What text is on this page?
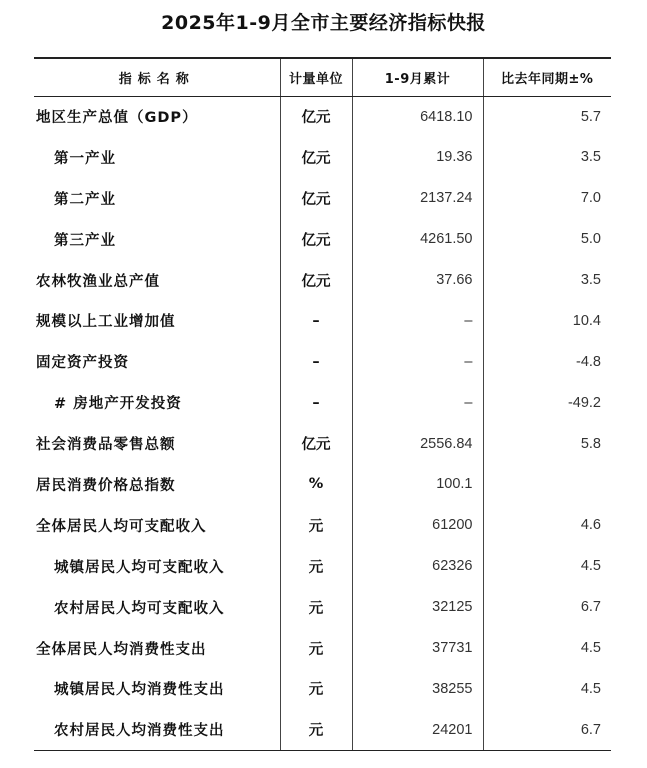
2025年1-9月全市主要经济指标快报
指标名称	计量单位	1-9月累计	比去年同期±%
地区生产总值（GDP）	亿元	6418.10	5.7
第一产业	亿元	19.36	3.5
第二产业	亿元	2137.24	7.0
第三产业	亿元	4261.50	5.0
农林牧渔业总产值	亿元	37.66	3.5
规模以上工业增加值	–	–	10.4
固定资产投资	–	–	-4.8
# 房地产开发投资	–	–	-49.2
社会消费品零售总额	亿元	2556.84	5.8
居民消费价格总指数	%	100.1	
全体居民人均可支配收入	元	61200	4.6
城镇居民人均可支配收入	元	62326	4.5
农村居民人均可支配收入	元	32125	6.7
全体居民人均消费性支出	元	37731	4.5
城镇居民人均消费性支出	元	38255	4.5
农村居民人均消费性支出	元	24201	6.7
